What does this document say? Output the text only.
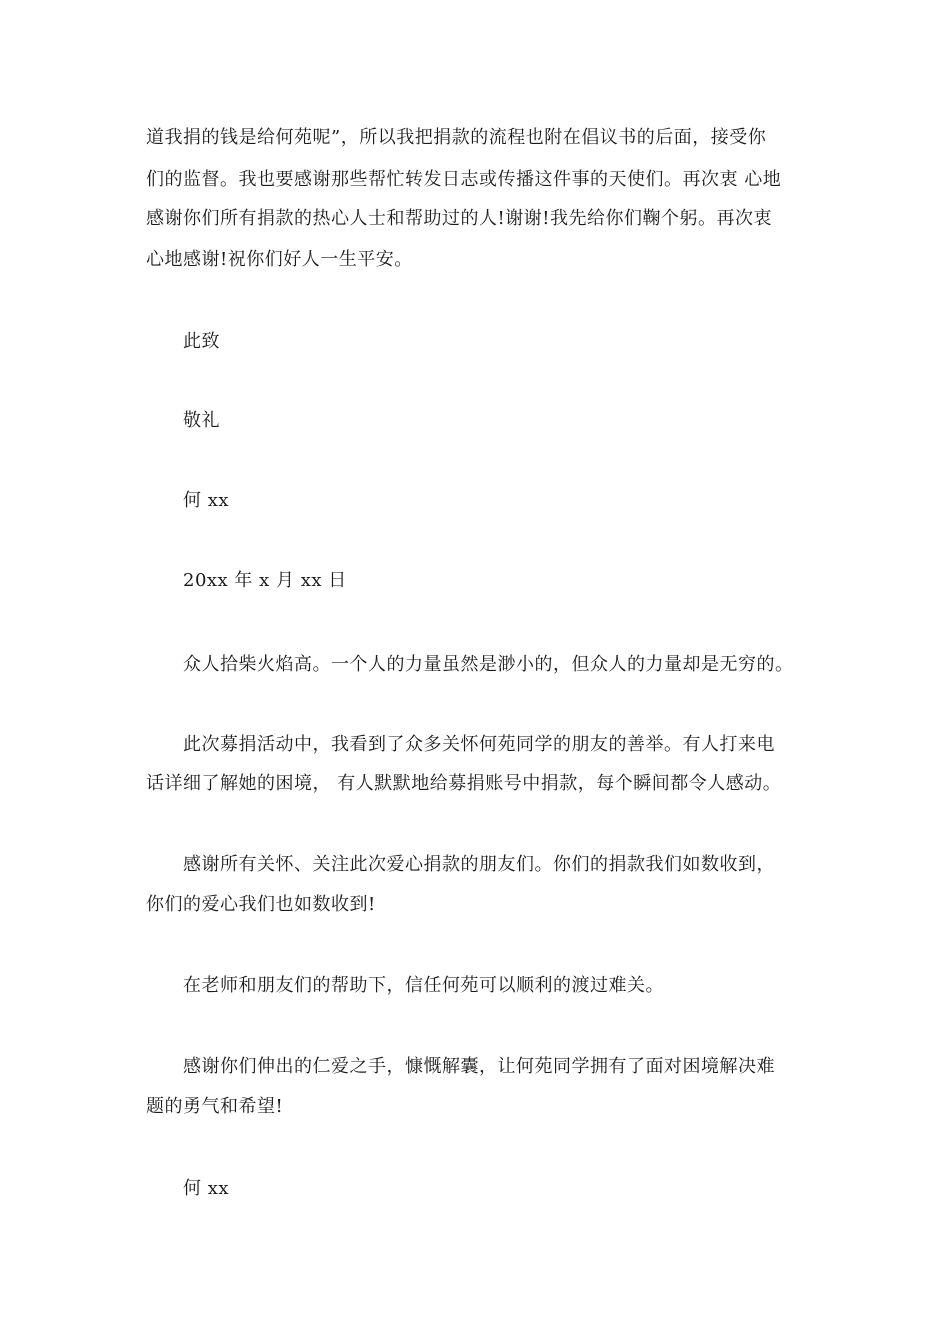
道我捐的钱是给何苑呢”，所以我把捐款的流程也附在倡议书的后面，接受你
们的监督。我也要感谢那些帮忙转发日志或传播这件事的天使们。再次衷 心地
感谢你们所有捐款的热心人士和帮助过的人!谢谢!我先给你们鞠个躬。再次衷
心地感谢!祝你们好人一生平安。
此致
敬礼
何 xx
20xx 年 x 月 xx 日
众人拾柴火焰高。一个人的力量虽然是渺小的，但众人的力量却是无穷的。
此次募捐活动中，我看到了众多关怀何苑同学的朋友的善举。有人打来电
话详细了解她的困境， 有人默默地给募捐账号中捐款，每个瞬间都令人感动。
感谢所有关怀、关注此次爱心捐款的朋友们。你们的捐款我们如数收到，
你们的爱心我们也如数收到!
在老师和朋友们的帮助下，信任何苑可以顺利的渡过难关。
感谢你们伸出的仁爱之手，慷慨解囊，让何苑同学拥有了面对困境解决难
题的勇气和希望!
何 xx
